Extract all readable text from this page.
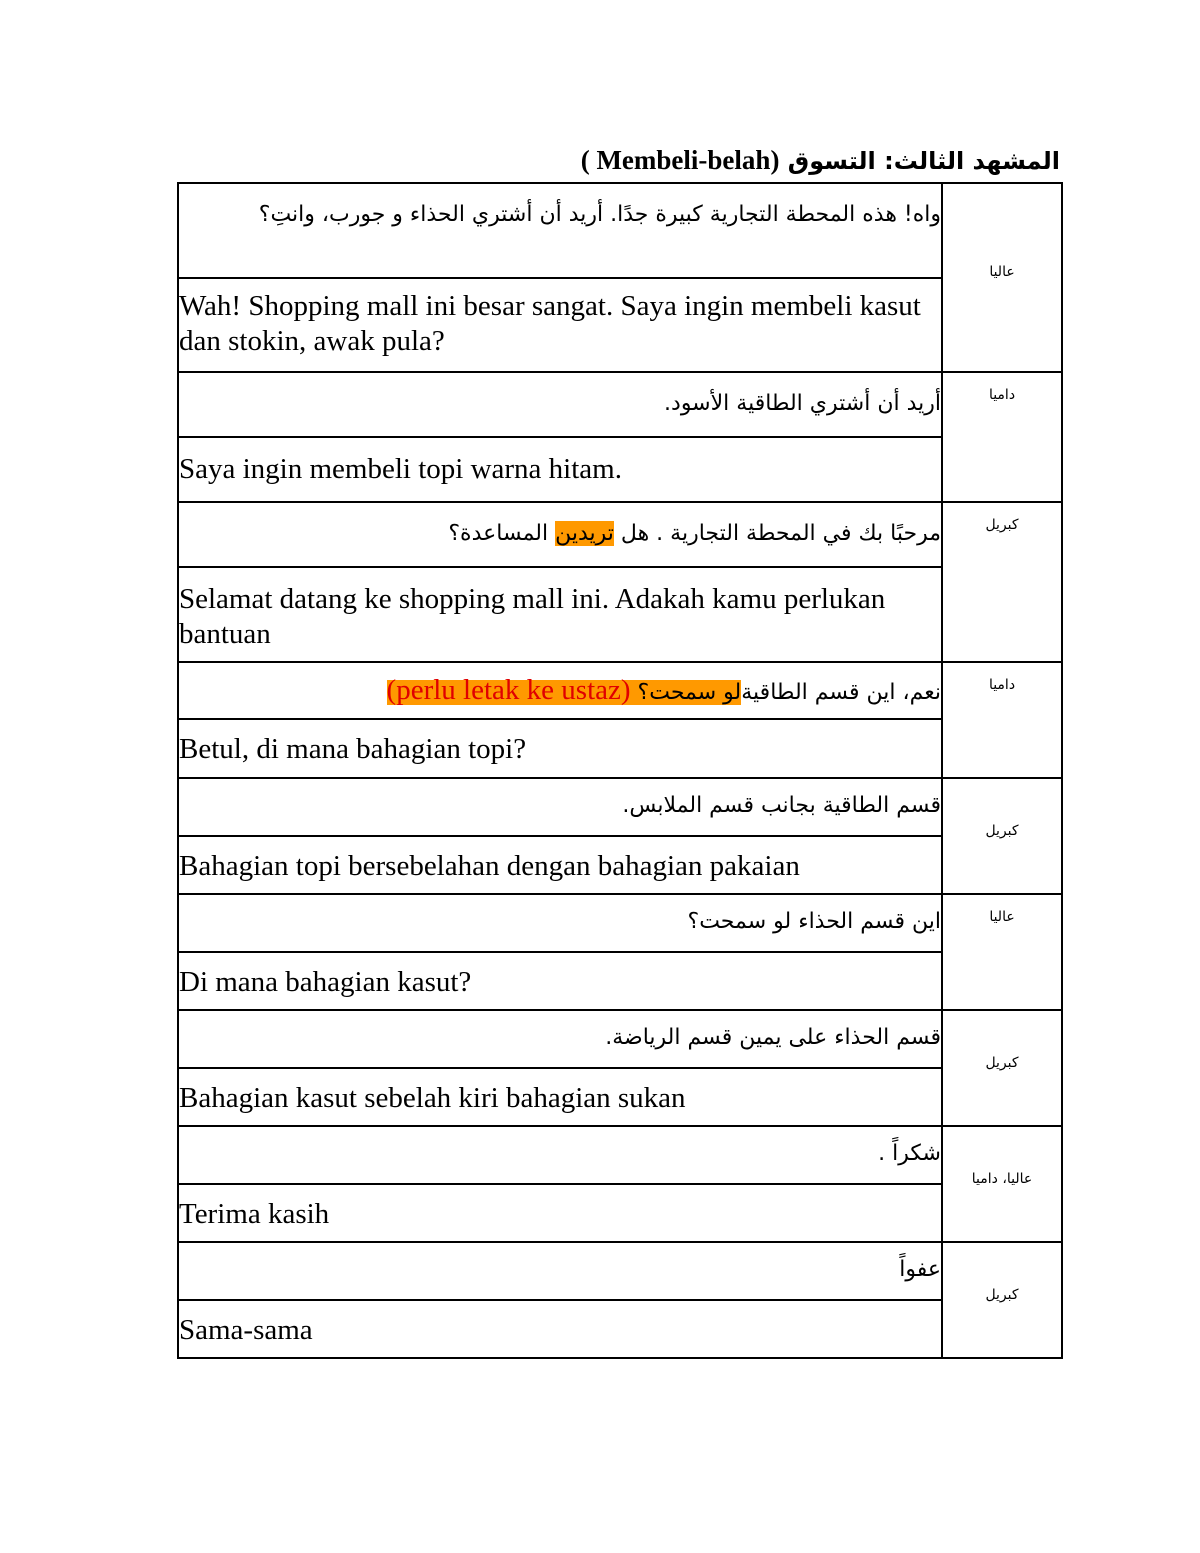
المشهد الثالث: التسوق (Membeli-belah )
واه! هذه المحطة التجارية كبيرة جدًا. أريد أن أشتري الحذاء و جورب، وانتِ؟	عاليا
Wah! Shopping mall ini besar sangat. Saya ingin membeli kasut dan stokin, awak pula?	
أريد أن أشتري الطاقية الأسود.	داميا
Saya ingin membeli topi warna hitam.	
مرحبًا بك في المحطة التجارية . هل تريدين المساعدة؟	كبريل
Selamat datang ke shopping mall ini. Adakah kamu perlukan bantuan	
نعم، اين قسم الطاقيةلو سمحت؟ (perlu letak ke ustaz)	داميا
Betul, di mana bahagian topi?	
قسم الطاقية بجانب قسم الملابس.	كبريل
Bahagian topi bersebelahan dengan bahagian pakaian	
اين قسم الحذاء لو سمحت؟	عاليا
Di mana bahagian kasut?	
قسم الحذاء على يمين قسم الرياضة.	كبريل
Bahagian kasut sebelah kiri bahagian sukan	
شكراً .	عاليا، داميا
Terima kasih	
عفواً	كبريل
Sama-sama	
